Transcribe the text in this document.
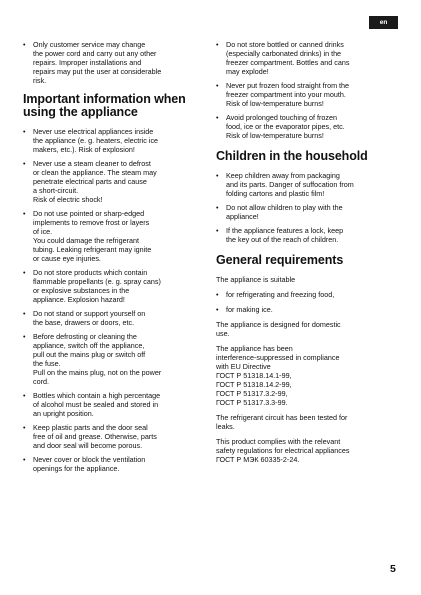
en
• Only customer service may change
the power cord and carry out any other
repairs. Improper installations and
repairs may put the user at considerable
risk.
Important information when
using the appliance
• Never use electrical appliances inside
the appliance (e. g. heaters, electric ice
makers, etc.). Risk of explosion!
• Never use a steam cleaner to defrost
or clean the appliance. The steam may
penetrate electrical parts and cause
a short-circuit.
Risk of electric shock!
• Do not use pointed or sharp-edged
implements to remove frost or layers
of ice.
You could damage the refrigerant
tubing. Leaking refrigerant may ignite
or cause eye injuries.
• Do not store products which contain
flammable propellants (e. g. spray cans)
or explosive substances in the
appliance. Explosion hazard!
• Do not stand or support yourself on
the base, drawers or doors, etc.
• Before defrosting or cleaning the
appliance, switch off the appliance,
pull out the mains plug or switch off
the fuse.
Pull on the mains plug, not on the power
cord.
• Bottles which contain a high percentage
of alcohol must be sealed and stored in
an upright position.
• Keep plastic parts and the door seal
free of oil and grease. Otherwise, parts
and door seal will become porous.
• Never cover or block the ventilation
openings for the appliance.
• Do not store bottled or canned drinks
(especially carbonated drinks) in the
freezer compartment. Bottles and cans
may explode!
• Never put frozen food straight from the
freezer compartment into your mouth.
Risk of low-temperature burns!
• Avoid prolonged touching of frozen
food, ice or the evaporator pipes, etc.
Risk of low-temperature burns!
Children in the household
• Keep children away from packaging
and its parts. Danger of suffocation from
folding cartons and plastic film!
• Do not allow children to play with the
appliance!
• If the appliance features a lock, keep
the key out of the reach of children.
General requirements

The appliance is suitable

• for refrigerating and freezing food,
• for making ice.

The appliance is designed for domestic
use.

The appliance has been
interference-suppressed in compliance
with EU Directive
ГОСТ Р 51318.14.1-99,
ГОСТ Р 51318.14.2-99,
ГОСТ Р 51317.3.2-99,
ГОСТ Р 51317.3.3-99.

The refrigerant circuit has been tested for
leaks.

This product complies with the relevant
safety regulations for electrical appliances
ГОСТ Р МЭК 60335-2-24.

5
